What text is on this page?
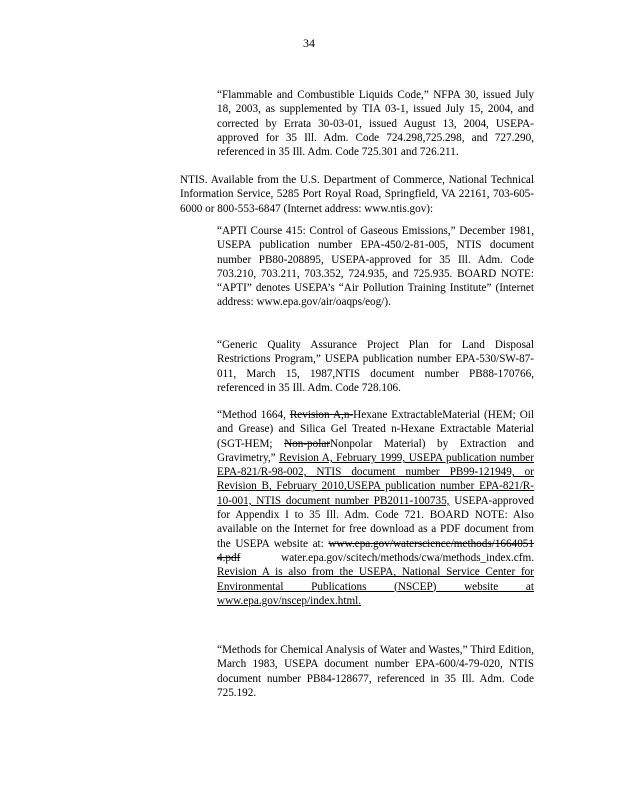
34
“Flammable and Combustible Liquids Code,” NFPA 30, issued July 18, 2003, as supplemented by TIA 03-1, issued July 15, 2004, and corrected by Errata 30-03-01, issued August 13, 2004, USEPA-approved for 35 Ill. Adm. Code 724.298,725.298, and 727.290, referenced in 35 Ill. Adm. Code 725.301 and 726.211.
NTIS. Available from the U.S. Department of Commerce, National Technical Information Service, 5285 Port Royal Road, Springfield, VA 22161, 703-605-6000 or 800-553-6847 (Internet address: www.ntis.gov):
“APTI Course 415: Control of Gaseous Emissions,” December 1981, USEPA publication number EPA-450/2-81-005, NTIS document number PB80-208895, USEPA-approved for 35 Ill. Adm. Code 703.210, 703.211, 703.352, 724.935, and 725.935. BOARD NOTE: “APTI” denotes USEPA’s “Air Pollution Training Institute” (Internet address: www.epa.gov/air/oaqps/eog/).
“Generic Quality Assurance Project Plan for Land Disposal Restrictions Program,” USEPA publication number EPA-530/SW-87-011, March 15, 1987,NTIS document number PB88-170766, referenced in 35 Ill. Adm. Code 728.106.
“Method 1664, Revision A,n-Hexane ExtractableMaterial (HEM; Oil and Grease) and Silica Gel Treated n-Hexane Extractable Material (SGT-HEM; Non-polarNonpolar Material) by Extraction and Gravimetry,” Revision A, February 1999, USEPA publication number EPA-821/R-98-002, NTIS document number PB99-121949, or Revision B, February 2010,USEPA publication number EPA-821/R-10-001, NTIS document number PB2011-100735, USEPA-approved for Appendix I to 35 Ill. Adm. Code 721. BOARD NOTE: Also available on the Internet for free download as a PDF document from the USEPA website at: www.epa.gov/waterscience/methods/1664051 4.pdf water.epa.gov/scitech/methods/cwa/methods_index.cfm. Revision A is also from the USEPA, National Service Center for Environmental Publications (NSCEP) website at www.epa.gov/nscep/index.html.
“Methods for Chemical Analysis of Water and Wastes,” Third Edition, March 1983, USEPA document number EPA-600/4-79-020, NTIS document number PB84-128677, referenced in 35 Ill. Adm. Code 725.192.
